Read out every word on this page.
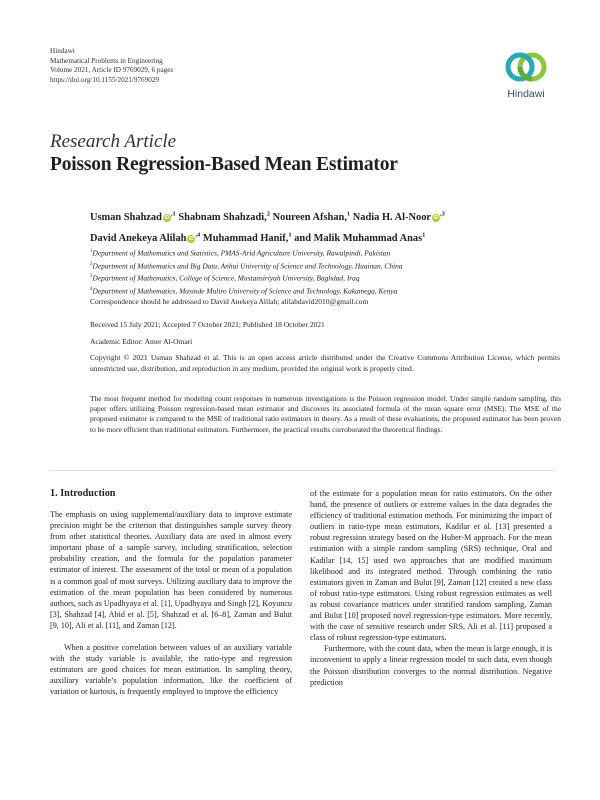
Hindawi
Mathematical Problems in Engineering
Volume 2021, Article ID 9769029, 6 pages
https://doi.org/10.1155/2021/9769029
Hindawi
Research Article
Poisson Regression-Based Mean Estimator
Usman Shahzad $iD^{,1}$ Shabnam Shahzadi,$^2$ Noureen Afshan,$^1$ Nadia H. Al-Noor $iD^{,3}$
David Anekeya Alilah $iD^{,4}$ Muhammad Hanif,$^1$ and Malik Muhammad Anas$^1$
$^1$Department of Mathematics and Statistics, PMAS-Arid Agriculture University, Rawalpindi, Pakistan
$^2$Department of Mathematics and Big Data, Anhui University of Science and Technology, Huainan, China
$^3$Department of Mathematics, College of Science, Mustansiriyah University, Baghdad, Iraq
$^4$Department of Mathematics, Masinde Muliro University of Science and Technology, Kakamega, Kenya
Correspondence should be addressed to David Anekeya Alilah; alilahdavid2010@gmail.com
Received 15 July 2021; Accepted 7 October 2021; Published 18 October 2021
Academic Editor: Amer Al-Omari
Copyright © 2021 Usman Shahzad et al. This is an open access article distributed under the Creative Commons Attribution License, which permits unrestricted use, distribution, and reproduction in any medium, provided the original work is properly cited.
The most frequent method for modeling count responses in numerous investigations is the Poisson regression model. Under simple random sampling, this paper offers utilizing Poisson regression-based mean estimator and discovers its associated formula of the mean square error (MSE). The MSE of the proposed estimator is compared to the MSE of traditional ratio estimators in theory. As a result of these evaluations, the proposed estimator has been proven to be more efficient than traditional estimators. Furthermore, the practical results corroborated the theoretical findings.

1. Introduction

The emphasis on using supplemental/auxiliary data to improve estimate precision might be the criterion that distinguishes sample survey theory from other statistical theories. Auxiliary data are used in almost every important phase of a sample survey, including stratification, selection probability creation, and the formula for the population parameter estimator of interest. The assessment of the total or mean of a population is a common goal of most surveys. Utilizing auxiliary data to improve the estimation of the mean population has been considered by numerous authors, such as Upadhyaya et al. [1], Upadhyaya and Singh [2], Koyuncu [3], Shahzad [4], Abid et al. [5], Shahzad et al. [6–8], Zaman and Bulut [9, 10], Ali et al. [11], and Zaman [12].

When a positive correlation between values of an auxiliary variable with the study variable is available, the ratio-type and regression estimators are good choices for mean estimation. In sampling theory, auxiliary variable’s population information, like the coefficient of variation or kurtosis, is frequently employed to improve the efficiency

of the estimate for a population mean for ratio estimators. On the other hand, the presence of outliers or extreme values in the data degrades the efficiency of traditional estimation methods. For minimizing the impact of outliers in ratio-type mean estimators, Kadilar et al. [13] presented a robust regression strategy based on the Huber-M approach. For the mean estimation with a simple random sampling (SRS) technique, Oral and Kadilar [14, 15] used two approaches that are modified maximum likelihood and its integrated method. Through combining the ratio estimators given in Zaman and Bulut [9], Zaman [12] created a new class of robust ratio-type estimators. Using robust regression estimates as well as robust covariance matrices under stratified random sampling, Zaman and Bulut [10] proposed novel regression-type estimators. More recently, with the case of sensitive research under SRS, Ali et al. [11] proposed a class of robust regression-type estimators.

Furthermore, with the count data, when the mean is large enough, it is inconvenient to apply a linear regression model to such data, even though the Poisson distribution converges to the normal distribution. Negative prediction
